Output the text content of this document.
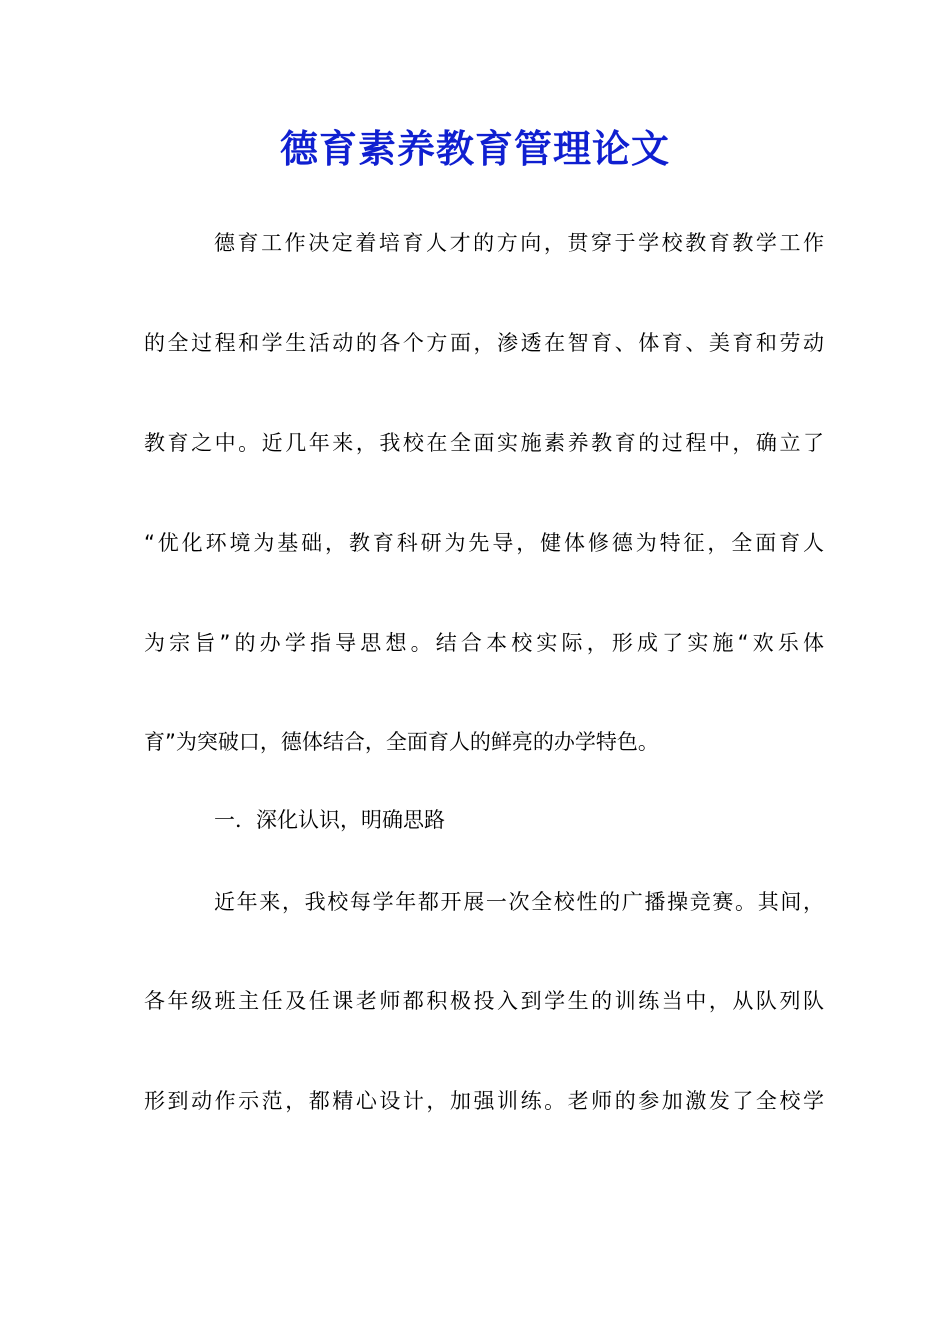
德育素养教育管理论文
德育工作决定着培育人才的方向，贯穿于学校教育教学工作
的全过程和学生活动的各个方面，渗透在智育、体育、美育和劳动
教育之中。近几年来，我校在全面实施素养教育的过程中，确立了
“优化环境为基础，教育科研为先导，健体修德为特征，全面育人
为宗旨”的办学指导思想。结合本校实际，形成了实施“欢乐体
育”为突破口，德体结合，全面育人的鲜亮的办学特色。
一．深化认识，明确思路
近年来，我校每学年都开展一次全校性的广播操竞赛。其间，
各年级班主任及任课老师都积极投入到学生的训练当中，从队列队
形到动作示范，都精心设计，加强训练。老师的参加激发了全校学
